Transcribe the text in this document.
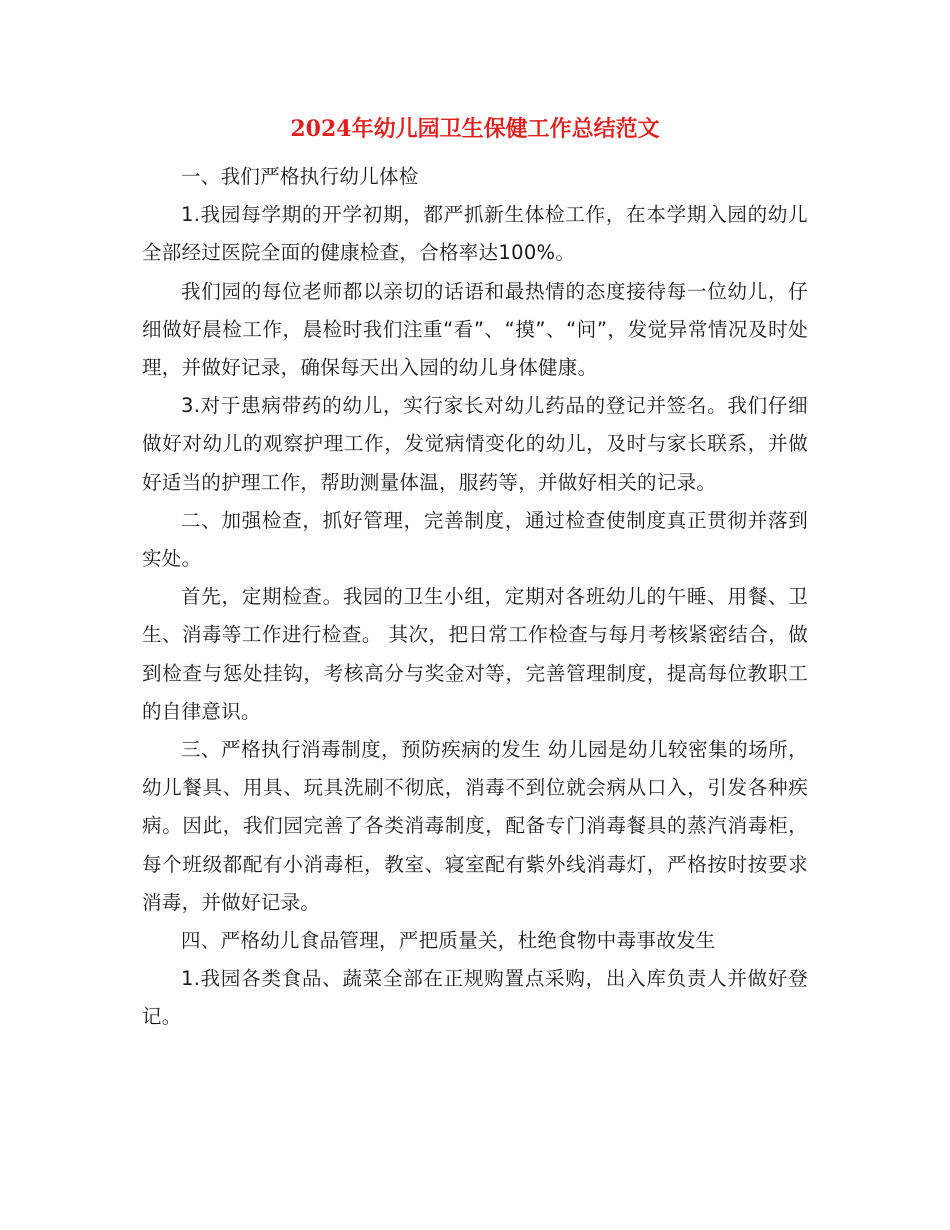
2024年幼儿园卫生保健工作总结范文

一、我们严格执行幼儿体检

1.我园每学期的开学初期，都严抓新生体检工作，在本学期入园的幼儿全部经过医院全面的健康检查，合格率达100%。

我们园的每位老师都以亲切的话语和最热情的态度接待每一位幼儿，仔细做好晨检工作，晨检时我们注重“看”、“摸”、“问”，发觉异常情况及时处理，并做好记录，确保每天出入园的幼儿身体健康。

3.对于患病带药的幼儿，实行家长对幼儿药品的登记并签名。我们仔细做好对幼儿的观察护理工作，发觉病情变化的幼儿，及时与家长联系，并做好适当的护理工作，帮助测量体温，服药等，并做好相关的记录。

二、加强检查，抓好管理，完善制度，通过检查使制度真正贯彻并落到实处。

首先，定期检查。我园的卫生小组，定期对各班幼儿的午睡、用餐、卫生、消毒等工作进行检查。 其次，把日常工作检查与每月考核紧密结合，做到检查与惩处挂钩，考核高分与奖金对等，完善管理制度，提高每位教职工的自律意识。

三、严格执行消毒制度，预防疾病的发生 幼儿园是幼儿较密集的场所，幼儿餐具、用具、玩具洗刷不彻底，消毒不到位就会病从口入，引发各种疾病。因此，我们园完善了各类消毒制度，配备专门消毒餐具的蒸汽消毒柜，每个班级都配有小消毒柜，教室、寝室配有紫外线消毒灯，严格按时按要求消毒，并做好记录。

四、严格幼儿食品管理，严把质量关，杜绝食物中毒事故发生

1.我园各类食品、蔬菜全部在正规购置点采购，出入库负责人并做好登记。
